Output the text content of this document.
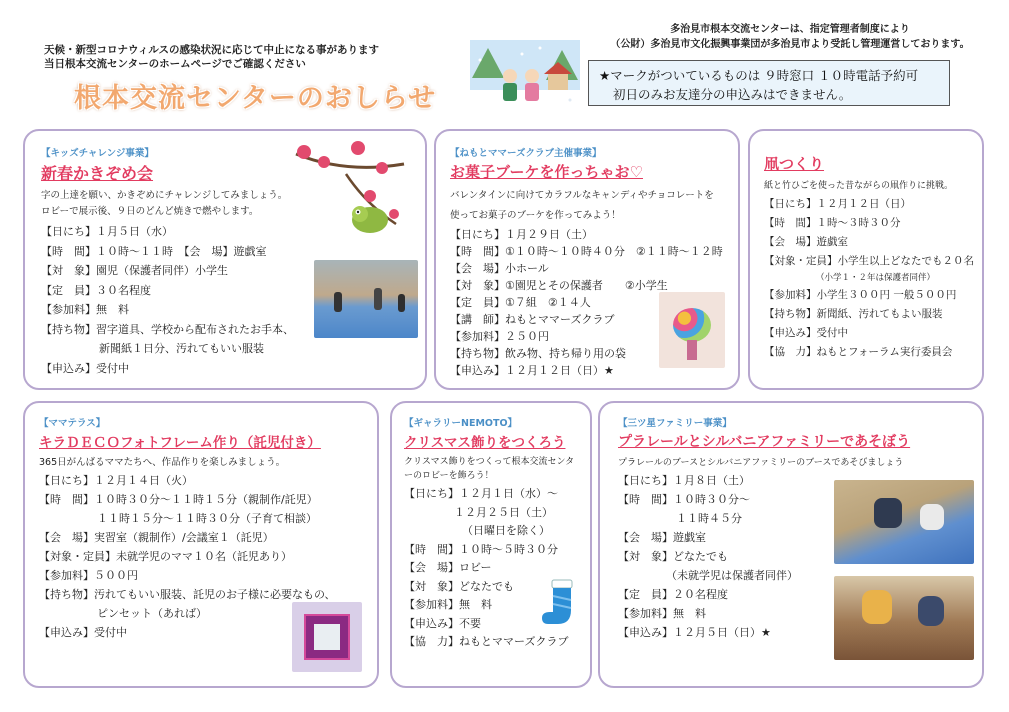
天候・新型コロナウィルスの感染状況に応じて中止になる事があります
当日根本交流センターのホームページでご確認ください
根本交流センターのおしらせ
多治見市根本交流センターは、指定管理者制度により
（公財）多治見市文化振興事業団が多治見市より受託し管理運営しております。
★マークがついているものは ９時窓口 １０時電話予約可
初日のみお友達分の申込みはできません。
【キッズチャレンジ事業】
新春かきぞめ会
字の上達を願い、かきぞめにチャレンジしてみましょう。
ロビーで展示後、９日のどんど焼きで燃やします。
【日にち】１月５日（水）
【時　間】１０時～１１時　【会　場】遊戯室
【対　象】園児（保護者同伴）小学生
【定　員】３０名程度
【参加料】無　料
【持ち物】習字道具、学校から配布されたお手本、
新聞紙１日分、汚れてもいい服装
【申込み】受付中
【ねもとママーズクラブ主催事業】
お菓子ブーケを作っちゃお♡
バレンタインに向けてカラフルなキャンディやチョコレートを
使ってお菓子のブーケを作ってみよう！
【日にち】１月２９日（土）
【時　間】①１０時～１０時４０分　②１１時～１２時
【会　場】小ホール
【対　象】①園児とその保護者　　②小学生
【定　員】①７組　②１４人
【講　師】ねもとママーズクラブ
【参加料】２５０円
【持ち物】飲み物、持ち帰り用の袋
【申込み】１２月１２日（日）★
凧つくり
紙と竹ひごを使った昔ながらの凧作りに挑戦。
【日にち】１２月１２日（日）
【時　間】１時～３時３０分
【会　場】遊戯室
【対象・定員】小学生以上どなたでも２０名
（小学１・２年は保護者同伴）
【参加料】小学生３００円 一般５００円
【持ち物】新聞紙、汚れてもよい服装
【申込み】受付中
【協　力】ねもとフォーラム実行委員会
【ママテラス】
キラＤＥＣＯフォトフレーム作り（託児付き）
365日がんばるママたちへ、作品作りを楽しみましょう。
【日にち】１２月１４日（火）
【時　間】１０時３０分～１１時１５分（親制作/託児）
１１時１５分～１１時３０分（子育て相談）
【会　場】実習室（親制作）/会議室１（託児）
【対象・定員】未就学児のママ１０名（託児あり）
【参加料】５００円
【持ち物】汚れてもいい服装、託児のお子様に必要なもの、
ピンセット（あれば）
【申込み】受付中
【ギャラリーNEMOTO】
クリスマス飾りをつくろう
クリスマス飾りをつくって根本交流センタ
ーのロビーを飾ろう！
【日にち】１２月１日（水）～
１２月２５日（土）
（日曜日を除く）
【時　間】１０時～５時３０分
【会　場】ロビー
【対　象】どなたでも
【参加料】無　料
【申込み】不要
【協　力】ねもとママーズクラブ
【三ツ星ファミリー事業】
プラレールとシルバニアファミリーであそぼう
プラレールのブースとシルバニアファミリーのブースであそびましょう
【日にち】１月８日（土）
【時　間】１０時３０分～
１１時４５分
【会　場】遊戯室
【対　象】どなたでも
（未就学児は保護者同伴）
【定　員】２０名程度
【参加料】無　料
【申込み】１２月５日（日）★
